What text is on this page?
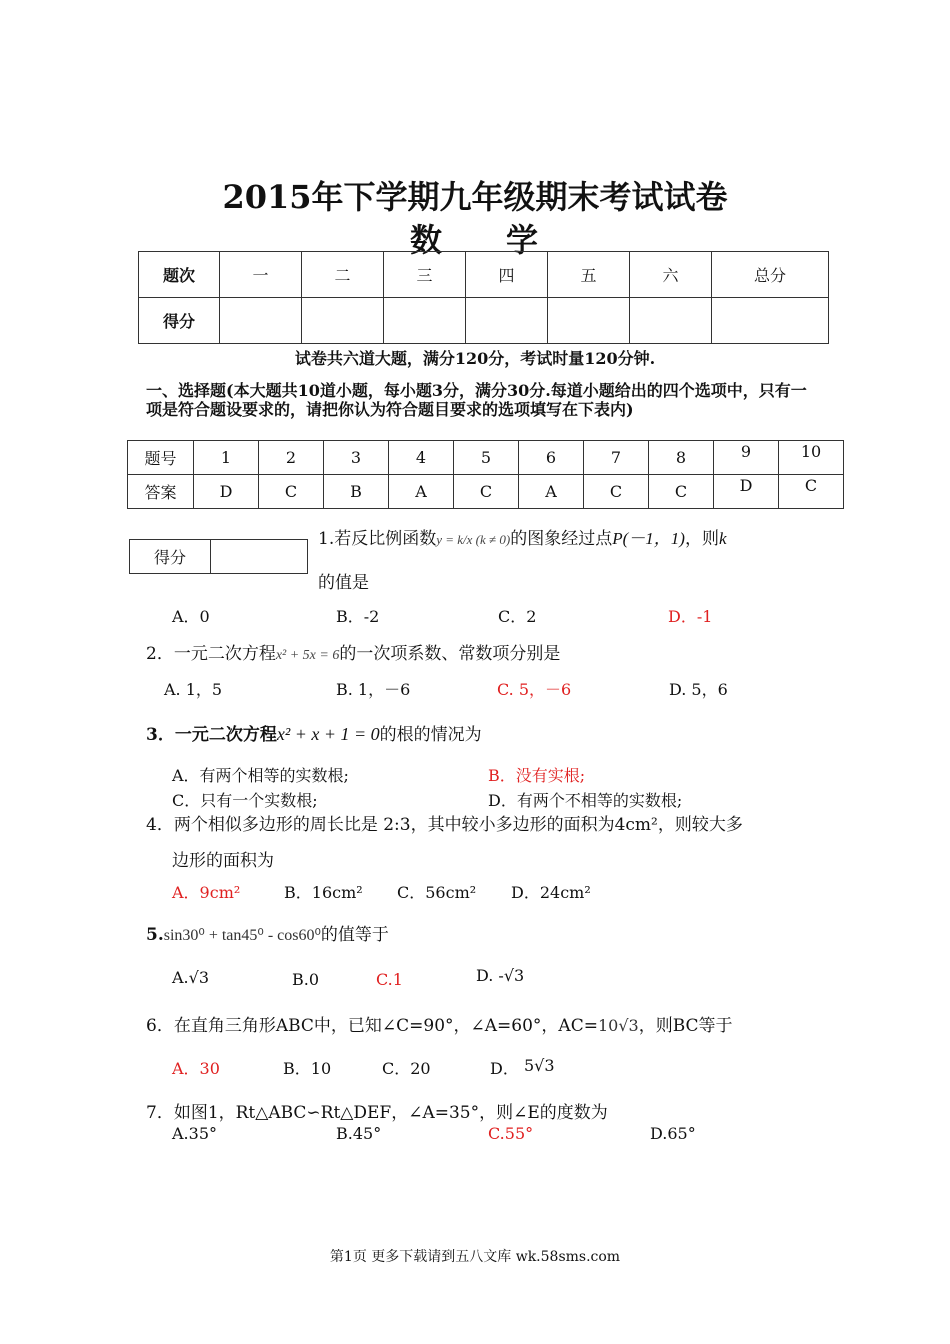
2015年下学期九年级期末考试试卷
数　　学
题次	一	二	三	四	五	六	总分
得分							
试卷共六道大题，满分120分，考试时量120分钟.
一、选择题(本大题共10道小题，每小题3分，满分30分.每道小题给出的四个选项中，只有一项是符合题设要求的，请把你认为符合题目要求的选项填写在下表内)
题号	1	2	3	4	5	6	7	8	9	10
答案	D	C	B	A	C	A	C	C	D	C
得分	
1.若反比例函数y = k/x (k ≠ 0)的图象经过点P(－1，1)，则k
的值是
A．0	B．-2	C．2	D．-1
2．一元二次方程x² + 5x = 6的一次项系数、常数项分别是
A. 1，5	B. 1，－6	C. 5，－6	D. 5，6
3．一元二次方程x² + x + 1 = 0的根的情况为
A．有两个相等的实数根;	B．没有实根;
C．只有一个实数根;	D．有两个不相等的实数根;
4．两个相似多边形的周长比是 2:3，其中较小多边形的面积为4cm²，则较大多
边形的面积为
A．9cm²	B．16cm² C．56cm² D．24cm²
5.sin30⁰ + tan45⁰ - cos60⁰的值等于
A.√3	B.0	C.1	D. -√3
6．在直角三角形ABC中，已知∠C=90°，∠A=60°，AC=10√3，则BC等于
A．30	B．10	C．20	D． 5√3
7．如图1，Rt△ABC∽Rt△DEF，∠A=35°，则∠E的度数为
A.35°	B.45°	C.55°	D.65°
第1页 更多下载请到五八文库 wk.58sms.com
